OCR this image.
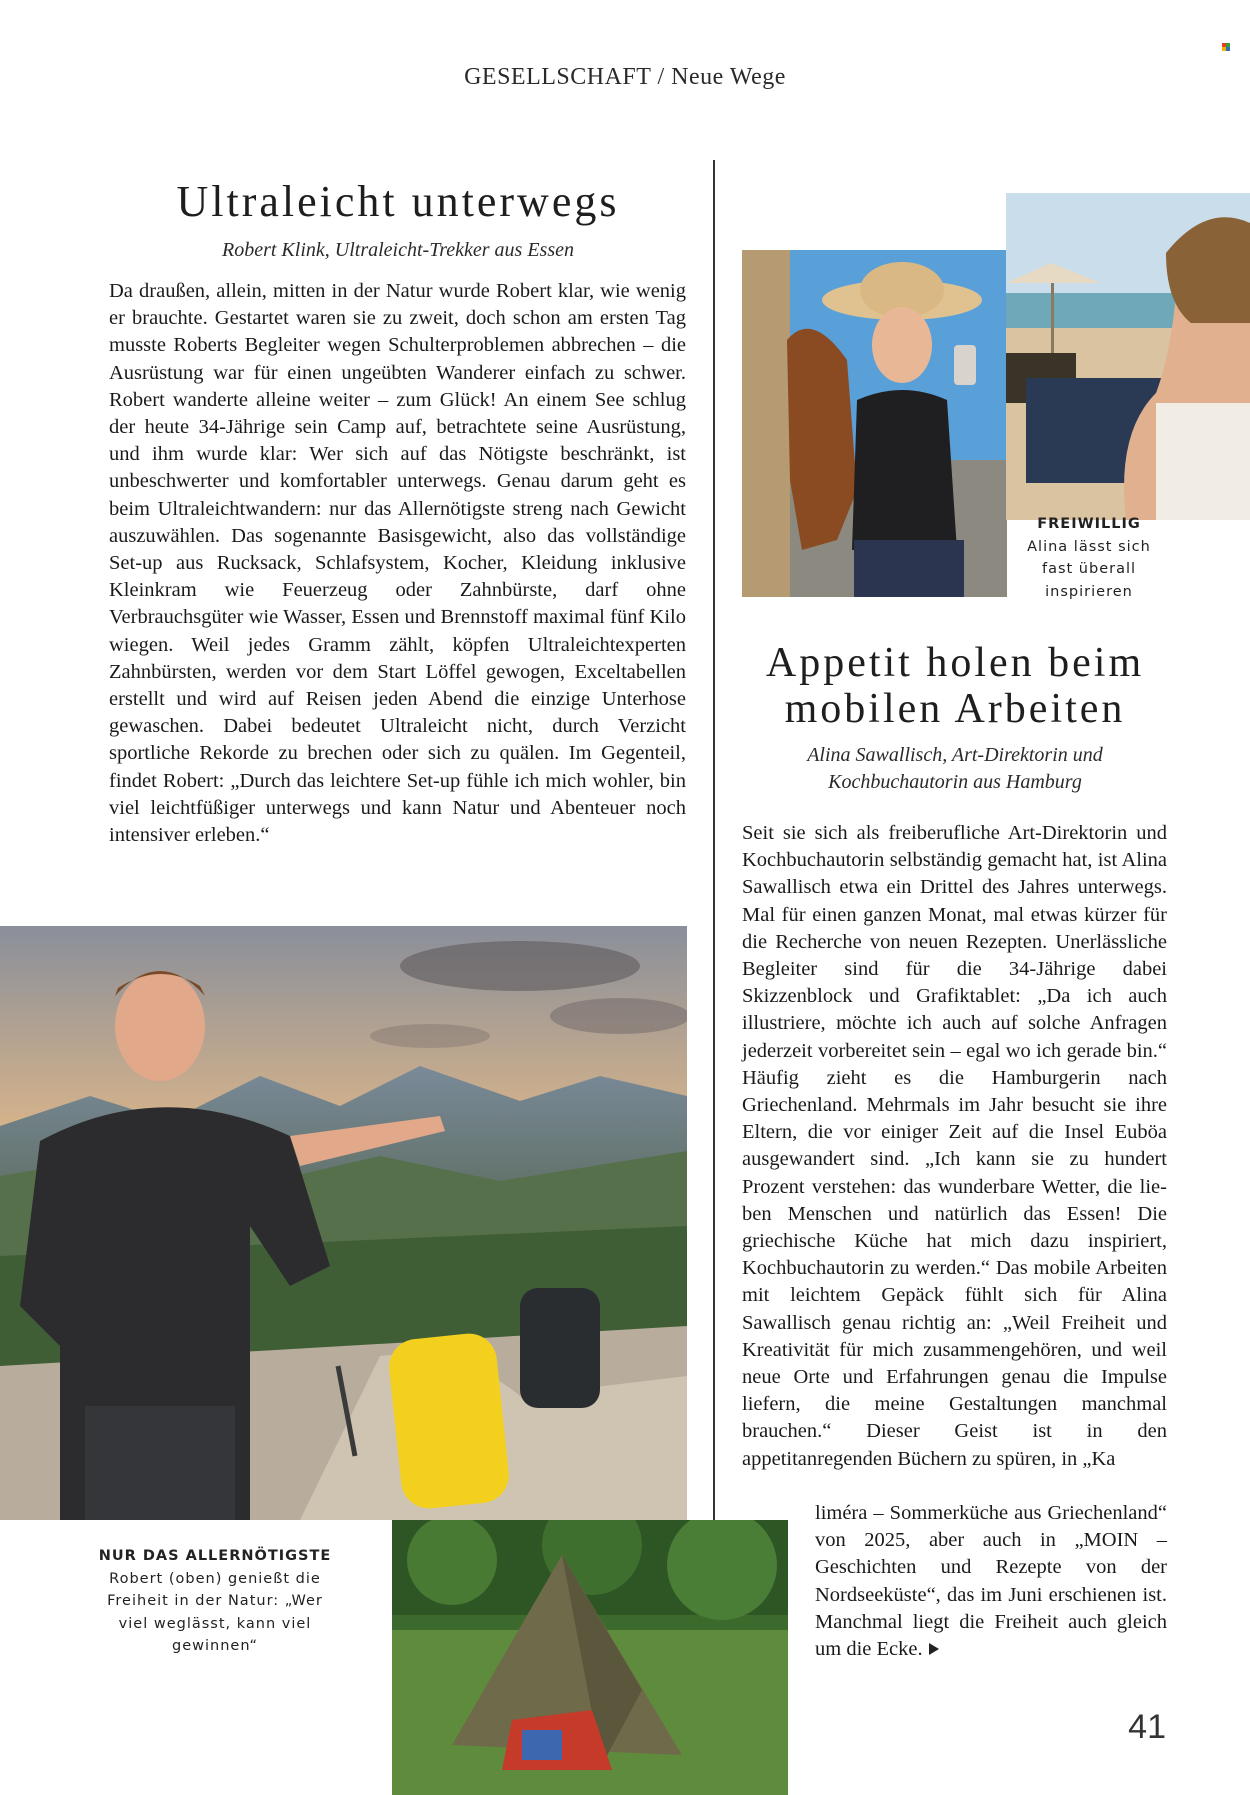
GESELLSCHAFT / Neue Wege
Ultraleicht unterwegs
Robert Klink, Ultraleicht-Trekker aus Essen
Da draußen, allein, mitten in der Natur wurde Robert klar, wie wenig er brauchte. Gestartet waren sie zu zweit, doch schon am ersten Tag musste Roberts Begleiter wegen Schulterproblemen abbrechen – die Ausrüstung war für einen ungeübten Wanderer einfach zu schwer. Robert wanderte alleine weiter – zum Glück! An einem See schlug der heute 34-Jährige sein Camp auf, betrachtete seine Ausrüstung, und ihm wurde klar: Wer sich auf das Nötigste beschränkt, ist unbeschwerter und komfortabler unterwegs. Genau darum geht es beim Ultraleichtwandern: nur das Allernötigste streng nach Gewicht auszuwählen. Das sogenannte Basisgewicht, also das vollständige Set-up aus Rucksack, Schlafsystem, Kocher, Kleidung inklusive Kleinkram wie Feuerzeug oder Zahnbürste, darf ohne Verbrauchsgüter wie Wasser, Essen und Brennstoff maximal fünf Kilo wiegen. Weil jedes Gramm zählt, köpfen Ultraleichtexperten Zahnbürsten, werden vor dem Start Löffel gewogen, Exceltabellen erstellt und wird auf Reisen jeden Abend die einzige Unterhose gewaschen. Dabei bedeutet Ultraleicht nicht, durch Verzicht sportliche Rekorde zu brechen oder sich zu quälen. Im Gegenteil, findet Robert: „Durch das leichtere Set-up fühle ich mich wohler, bin viel leichtfüßiger unterwegs und kann Natur und Abenteuer noch intensiver erleben.“
NUR DAS ALLERNÖTIGSTE
Robert (oben) genießt die Freiheit in der Natur: „Wer viel weglässt, kann viel gewinnen“
FREIWILLIG
Alina lässt sich fast überall inspirieren
Appetit holen beim
mobilen Arbeiten
Alina Sawallisch, Art-Direktorin und
Kochbuchautorin aus Hamburg
Seit sie sich als freiberufliche Art-Direktorin und Kochbuchautorin selbständig gemacht hat, ist Alina Sawallisch etwa ein Drittel des Jahres unterwegs. Mal für einen ganzen Monat, mal etwas kürzer für die Recherche von neuen Rezepten. Unerlässliche Begleiter sind für die 34-Jährige dabei Skizzenblock und Grafiktablet: „Da ich auch illustriere, möchte ich auch auf solche Anfragen jederzeit vorbereitet sein – egal wo ich gerade bin.“ Häufig zieht es die Hamburgerin nach Griechenland. Mehrmals im Jahr besucht sie ihre Eltern, die vor einiger Zeit auf die Insel Euböa ausgewandert sind. „Ich kann sie zu hundert Prozent verstehen: das wunderbare Wetter, die lieben Menschen und natürlich das Essen! Die griechische Küche hat mich dazu inspiriert, Kochbuchautorin zu werden.“ Das mobile Arbeiten mit leichtem Gepäck fühlt sich für Alina Sawallisch genau richtig an: „Weil Freiheit und Kreativität für mich zusammengehören, und weil neue Orte und Erfahrungen genau die Impulse liefern, die meine Gestaltungen manchmal brauchen.“ Dieser Geist ist in den appetitanregenden Büchern zu spüren, in „Ka
liméra – Sommerküche aus Griechenland“ von 2025, aber auch in „MOIN – Geschichten und Rezepte von der Nordseeküste“, das im Juni erschienen ist. Manchmal liegt die Freiheit auch gleich um die Ecke.
41
